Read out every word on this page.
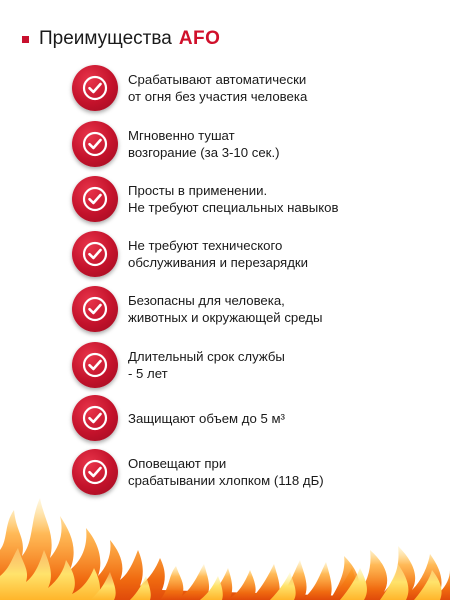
Преимущества AFO
Срабатывают автоматически
от огня без участия человека
Мгновенно тушат
возгорание (за 3-10 сек.)
Просты в применении.
Не требуют специальных навыков
Не требуют технического
обслуживания и перезарядки
Безопасны для человека,
животных и окружающей среды
Длительный срок службы
- 5 лет
Защищают объем до 5 м³
Оповещают при
срабатывании хлопком (118 дБ)
